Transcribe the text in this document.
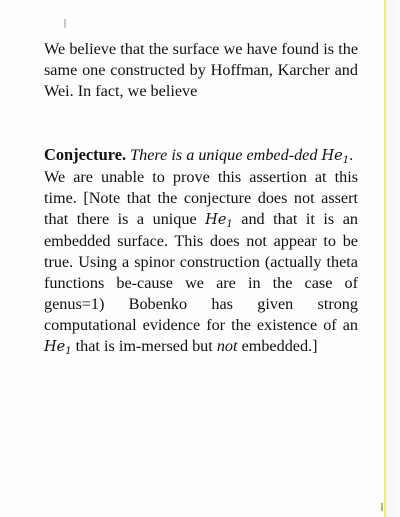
We believe that the surface we have found is the same one constructed by Hoffman, Karcher and Wei. In fact, we believe

Conjecture. There is a unique embed-ded $He_1$.

We are unable to prove this assertion at this time. [Note that the conjecture does not assert that there is a unique $He_1$ and that it is an embedded surface. This does not appear to be true. Using a spinor construction (actually theta functions be-cause we are in the case of genus=1) Bobenko has given strong computational evidence for the existence of an $He_1$ that is im-mersed but not embedded.]
